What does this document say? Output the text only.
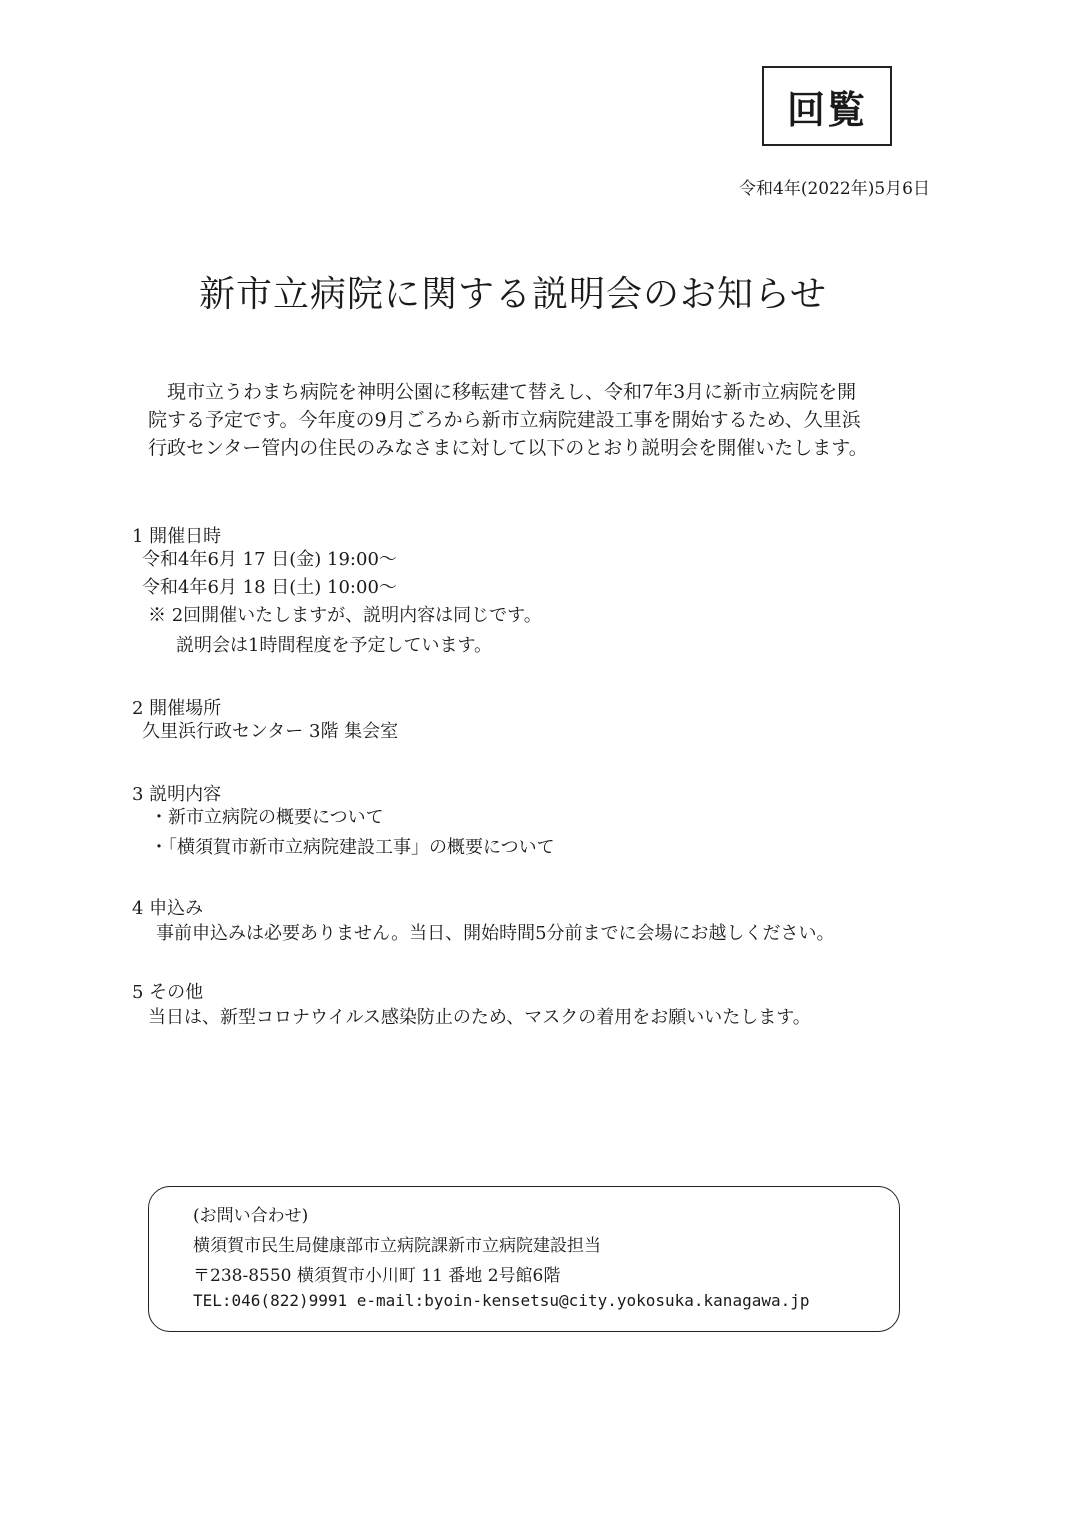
回覧
令和4年(2022年)5月6日
新市立病院に関する説明会のお知らせ
現市立うわまち病院を神明公園に移転建て替えし、令和7年3月に新市立病院を開
院する予定です。今年度の9月ごろから新市立病院建設工事を開始するため、久里浜
行政センター管内の住民のみなさまに対して以下のとおり説明会を開催いたします。
1 開催日時
令和4年6月 17 日(金) 19:00～
令和4年6月 18 日(土) 10:00～
※ 2回開催いたしますが、説明内容は同じです。
説明会は1時間程度を予定しています。
2 開催場所
久里浜行政センター 3階 集会室
3 説明内容
・新市立病院の概要について
・「横須賀市新市立病院建設工事」の概要について
4 申込み
事前申込みは必要ありません。当日、開始時間5分前までに会場にお越しください。
5 その他
当日は、新型コロナウイルス感染防止のため、マスクの着用をお願いいたします。
(お問い合わせ)
横須賀市民生局健康部市立病院課新市立病院建設担当
〒238-8550 横須賀市小川町 11 番地 2号館6階
TEL:046(822)9991 e-mail:byoin-kensetsu@city.yokosuka.kanagawa.jp
